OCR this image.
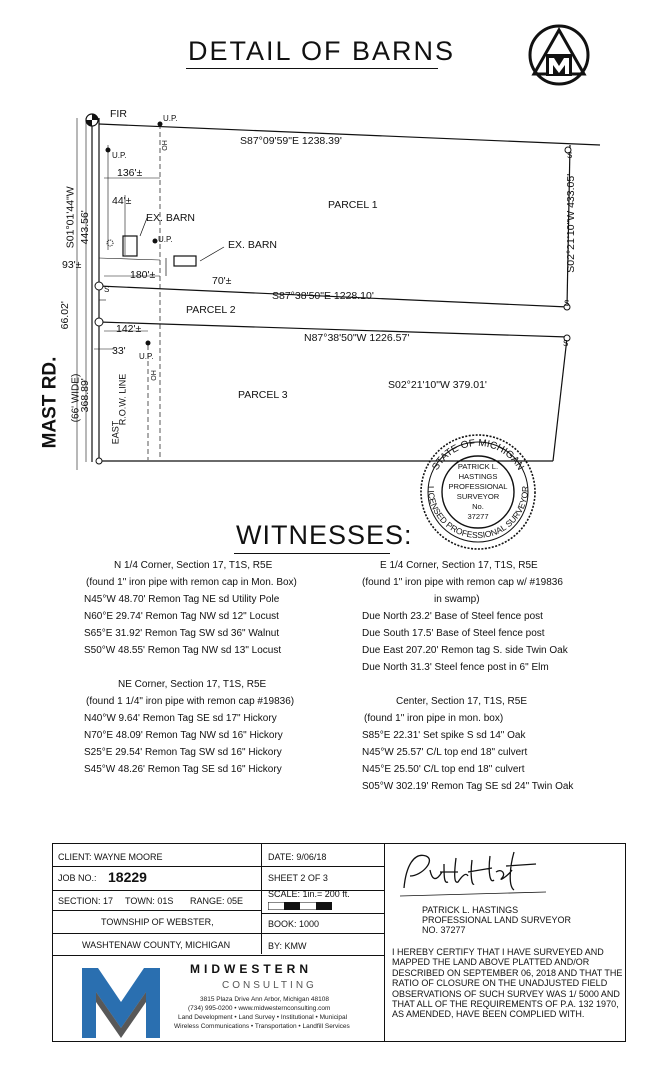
DETAIL OF BARNS
FIR	U.P.
U.P.
U.P.
U.P.
S87°09'59"E 1238.39'
PARCEL 1
PARCEL 2
PARCEL 3
S01°01'44"W 443.56'
136'±
44'±
EX. BARN
EX. BARN
93'±
180'±	70'±
S87°38'50"E 1228.10'
S02°21'10"W 433.05'
66.02'	142'±
33'
N87°38'50"W 1226.57'
S02°21'10"W 379.01'
MAST RD. (66' WIDE)
368.89'
EAST
R.O.W. LINE
OH
OH
S
S
S
S
STATE OF MICHIGAN
LICENSED PROFESSIONAL SURVEYOR
PATRICK L.
HASTINGS
PROFESSIONAL
SURVEYOR
No.
37277
WITNESSES:
N 1/4 Corner, Section 17, T1S, R5E
(found 1" iron pipe with remon cap in Mon. Box)
N45°W 48.70' Remon Tag NE sd Utility Pole
N60°E 29.74' Remon Tag NW sd 12" Locust
S65°E 31.92' Remon Tag SW sd 36" Walnut
S50°W 48.55' Remon Tag NW sd 13" Locust
NE Corner, Section 17, T1S, R5E
(found 1 1/4" iron pipe with remon cap #19836)
N40°W 9.64' Remon Tag SE sd 17" Hickory
N70°E 48.09' Remon Tag NW sd 16" Hickory
S25°E 29.54' Remon Tag SW sd 16" Hickory
S45°W 48.26' Remon Tag SE sd 16" Hickory
E 1/4 Corner, Section 17, T1S, R5E
(found 1" iron pipe with remon cap w/ #19836
in swamp)
Due North 23.2' Base of Steel fence post
Due South 17.5' Base of Steel fence post
Due East 207.20' Remon tag S. side Twin Oak
Due North 31.3' Steel fence post in 6" Elm
Center, Section 17, T1S, R5E
(found 1" iron pipe in mon. box)
S85°E 22.31' Set spike S sd 14" Oak
N45°W 25.57' C/L top end 18" culvert
N45°E 25.50' C/L top end 18" culvert
S05°W 302.19' Remon Tag SE sd 24" Twin Oak
CLIENT: WAYNE MOORE
JOB NO.: 18229
SECTION: 17 TOWN: 01S RANGE: 05E
TOWNSHIP OF WEBSTER,
WASHTENAW COUNTY, MICHIGAN
DATE: 9/06/18
SHEET 2 OF 3
SCALE: 1in.= 200 ft.
BOOK: 1000
BY: KMW
PATRICK L. HASTINGS
PROFESSIONAL LAND SURVEYOR
NO. 37277
I HEREBY CERTIFY THAT I HAVE SURVEYED AND MAPPED THE LAND ABOVE PLATTED AND/OR DESCRIBED ON SEPTEMBER 06, 2018 AND THAT THE RATIO OF CLOSURE ON THE UNADJUSTED FIELD OBSERVATIONS OF SUCH SURVEY WAS 1/ 5000 AND THAT ALL OF THE REQUIREMENTS OF P.A. 132 1970, AS AMENDED, HAVE BEEN COMPLIED WITH.
MIDWESTERN
CONSULTING
3815 Plaza Drive Ann Arbor, Michigan 48108
(734) 995-0200 • www.midwesternconsulting.com
Land Development • Land Survey • Institutional • Municipal
Wireless Communications • Transportation • Landfill Services
